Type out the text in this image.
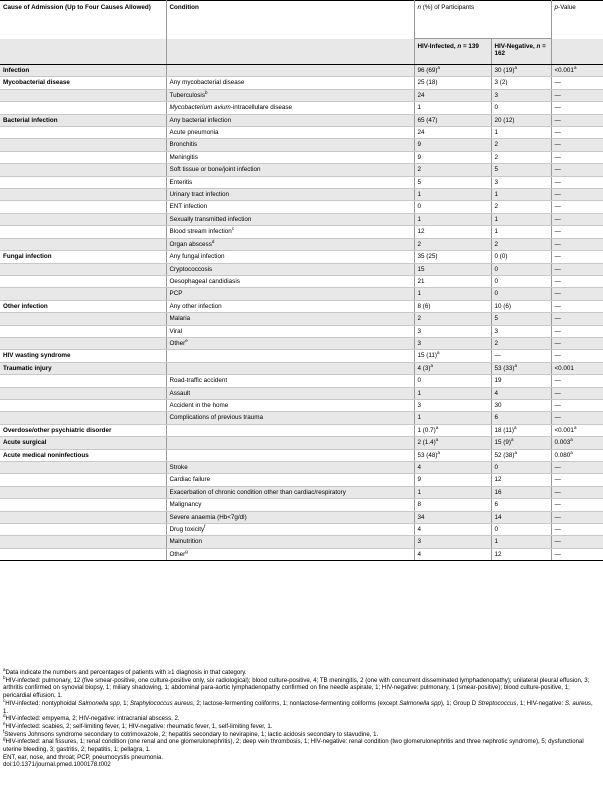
Cause of Admission (Up to Four Causes Allowed)	Condition	n (%) of Participants		p-Value
		HIV-Infected, n = 139	HIV-Negative, n = 162	
Infection		96 $(69)^a$	30 $(19)^a$	<0.001$^a$
Mycobacterial disease	Any mycobacterial disease	25 (18)	3 (2)	—
	Tuberculosis$^b$	24	3	—
	Mycobacterium avium-intracellulare disease	1	0	—
Bacterial infection	Any bacterial infection	65 (47)	20 (12)	—
	Acute pneumonia	24	1	—
	Bronchitis	9	2	—
	Meningitis	9	2	—
	Soft tissue or bone/joint infection	2	5	—
	Enteritis	5	3	—
	Urinary tract infection	1	1	—
	ENT infection	0	2	—
	Sexually transmitted infection	1	1	—
	Blood stream infection$^c$	12	1	—
	Organ abscess$^d$	2	2	—
Fungal infection	Any fungal infection	35 (25)	0 (0)	—
	Cryptococcosis	15	0	—
	Oesophageal candidiasis	21	0	—
	PCP	1	0	—
Other infection	Any other infection	8 (6)	10 (6)	—
	Malaria	2	5	—
	Viral	3	3	—
	Other$^e$	3	2	—
HIV wasting syndrome		15 $(11)^a$	—	—
Traumatic injury		4 $(3)^a$	53 $(33)^a$	<0.001
	Road-traffic accident	0	19	—
	Assault	1	4	—
	Accident in the home	3	30	—
	Complications of previous trauma	1	6	—
Overdose/other psychiatric disorder		1 $(0.7)^a$	18 $(11)^a$	<0.001$^a$
Acute surgical		2 $(1.4)^a$	15 $(9)^a$	0.003$^a$
Acute medical noninfectious		53 $(48)^a$	52 $(38)^a$	0.080$^a$
	Stroke	4	0	—
	Cardiac failure	9	12	—
	Exacerbation of chronic condition other than cardiac/respiratory	1	16	—
	Malignancy	8	6	—
	Severe anaemia (Hb<7g/dl)	34	14	—
	Drug toxicity$^f$	4	0	—
	Malnutrition	3	1	—
	Other$^g$	4	12	—

$^a$Data indicate the numbers and percentages of patients with ≥1 diagnosis in that category.

$^b$HIV-infected: pulmonary, 12 (five smear-positive, one culture-positive only, six radiological); blood culture-positive, 4; TB meningitis, 2 (one with concurrent disseminated lymphadenopathy); unilateral pleural effusion, 3; arthritis confirmed on synovial biopsy, 1; miliary shadowing, 1; abdominal para-aortic lymphadenopathy confirmed on fine needle aspirate, 1; HIV-negative: pulmonary, 1 (smear-positive); blood culture-positive, 1; pericardial effusion, 1.

$^c$HIV-infected: nontyphoidal Salmonella spp, 1; Staphylococcus aureus, 2; lactose-fermenting coliforms, 1; nonlactose-fermenting coliforms (except Salmonella spp), 1; Group D Streptococcus, 1; HIV-negative: S. aureus, 1.

$^d$HIV-infected: empyema, 2; HIV-negative: intracranial abscess, 2.

$^e$HIV-infected: scabies, 2; self-limiting fever, 1; HIV-negative: rheumatic fever, 1, self-limiting fever, 1.

$^f$Stevens Johnsons syndrome secondary to cotrimoxazole, 2; hepatitis secondary to nevirapine, 1; lactic acidosis secondary to stavudine, 1.

$^g$HIV-infected: anal fissures, 1; renal condition (one renal and one glomerulonephritis), 2; deep vein thrombosis, 1; HIV-negative: renal condition (two glomerulonephritis and three nephrotic syndrome), 5; dysfunctional uterine bleeding, 3; gastritis, 2; hepatitis, 1; pellagra, 1.

ENT, ear, nose, and throat; PCP, pneumocystis pneumonia.

doi:10.1371/journal.pmed.1000178.t002
